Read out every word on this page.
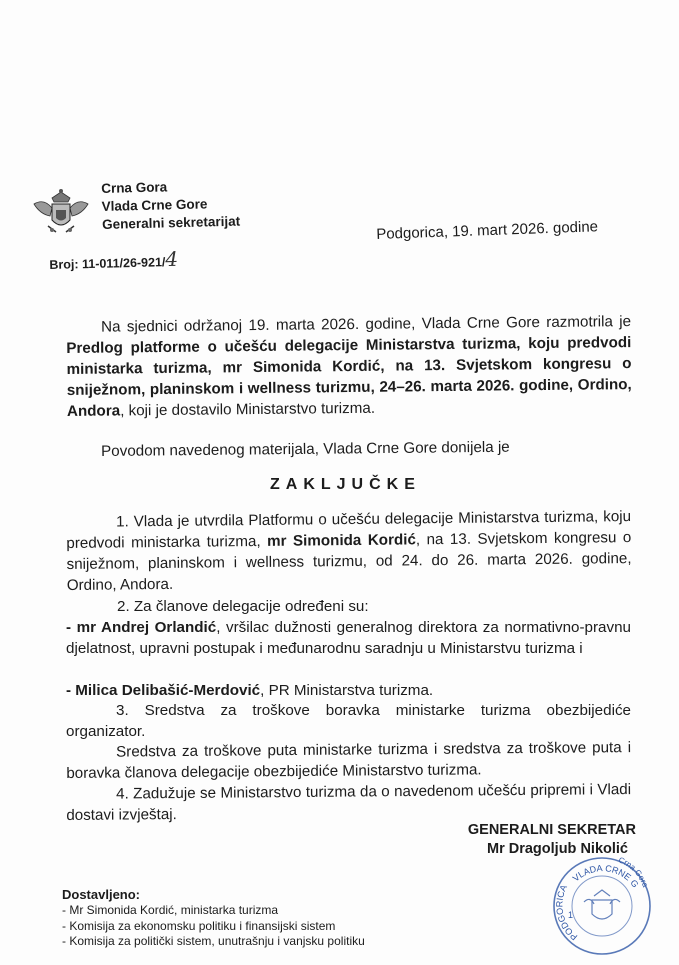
Crna Gora
Vlada Crne Gore
Generalni sekretarijat
Broj: 11-011/26-921/4
Podgorica, 19. mart 2026. godine
Na sjednici održanoj 19. marta 2026. godine, Vlada Crne Gore razmotrila je Predlog platforme o učešću delegacije Ministarstva turizma, koju predvodi ministarka turizma, mr Simonida Kordić, na 13. Svjetskom kongresu o snijеžnom, planinskom i wellness turizmu, 24–26. marta 2026. godine, Ordino, Andora, koji je dostavilo Ministarstvo turizma.
Povodom navedenog materijala, Vlada Crne Gore donijela je
ZAKLJUČKE
1. Vlada je utvrdila Platformu o učešću delegacije Ministarstva turizma, koju predvodi ministarka turizma, mr Simonida Kordić, na 13. Svjetskom kongresu o snijеžnom, planinskom i wellness turizmu, od 24. do 26. marta 2026. godine, Ordino, Andora.
2. Za članove delegacije određeni su:
- mr Andrej Orlandić, vršilac dužnosti generalnog direktora za normativno-pravnu djelatnost, upravni postupak i međunarodnu saradnju u Ministarstvu turizma i
- Milica Delibašić-Merdović, PR Ministarstva turizma.
3. Sredstva za troškove boravka ministarke turizma obezbijediće organizator.
Sredstva za troškove puta ministarke turizma i sredstva za troškove puta i boravka članova delegacije obezbijediće Ministarstvo turizma.
4. Zadužuje se Ministarstvo turizma da o navedenom učešću pripremi i Vladi dostavi izvještaj.
GENERALNI SEKRETAR
Mr Dragoljub Nikolić
PODGORICA
VLADA CRNE G
Crna Gora
1
Dostavljeno:
- Mr Simonida Kordić, ministarka turizma
- Komisija za ekonomsku politiku i finansijski sistem
- Komisija za politički sistem, unutrašnju i vanjsku politiku
